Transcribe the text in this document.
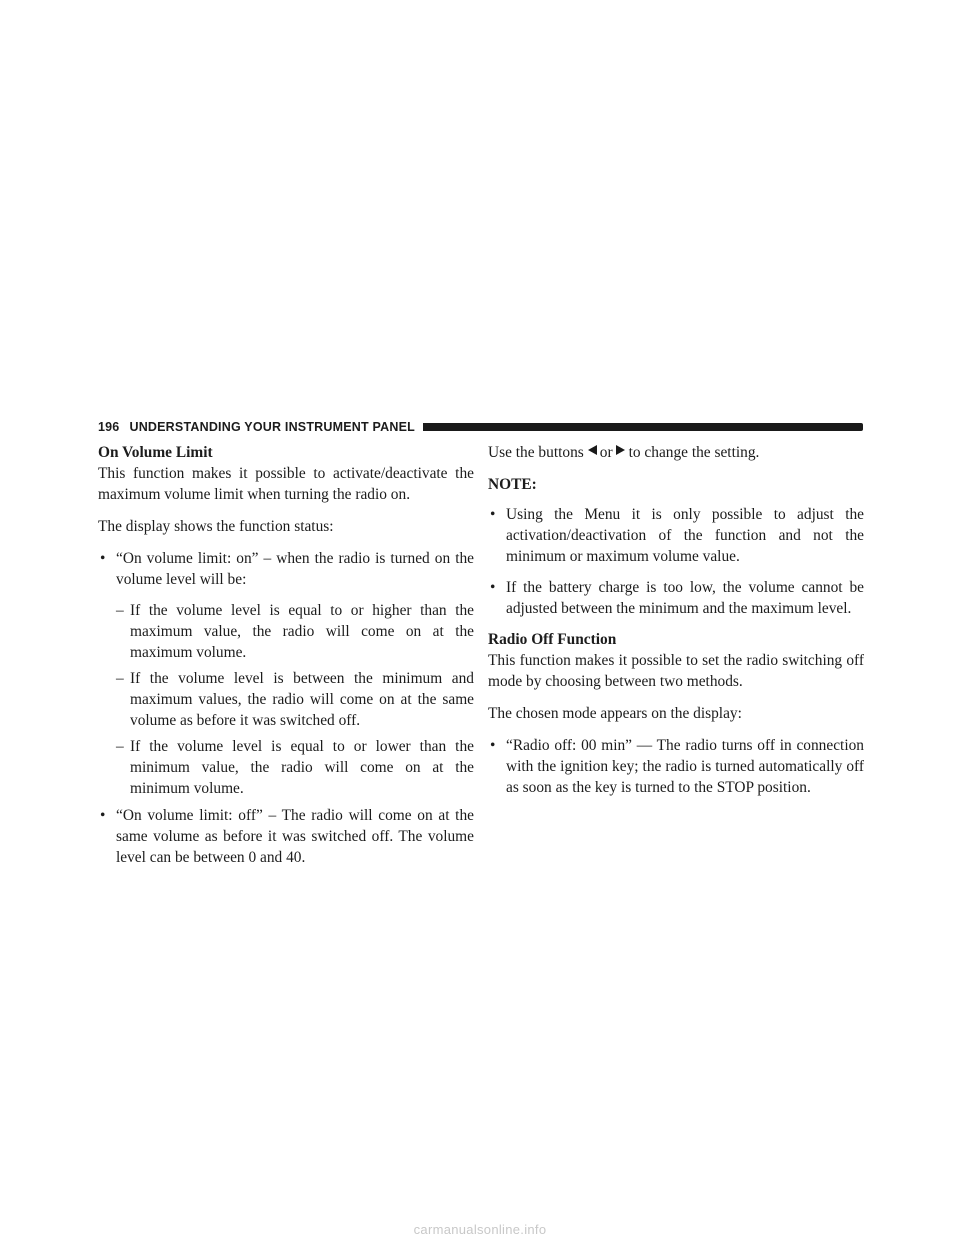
196 UNDERSTANDING YOUR INSTRUMENT PANEL

On Volume Limit

This function makes it possible to activate/deactivate the maximum volume limit when turning the radio on.

The display shows the function status:

• “On volume limit: on” – when the radio is turned on the volume level will be:

– If the volume level is equal to or higher than the maximum value, the radio will come on at the maximum volume.

– If the volume level is between the minimum and maximum values, the radio will come on at the same volume as before it was switched off.

– If the volume level is equal to or lower than the minimum value, the radio will come on at the minimum volume.

• “On volume limit: off” – The radio will come on at the same volume as before it was switched off. The volume level can be between 0 and 40.

Use the buttons or to change the setting.

NOTE:

• Using the Menu it is only possible to adjust the activation/deactivation of the function and not the minimum or maximum volume value.

• If the battery charge is too low, the volume cannot be adjusted between the minimum and the maximum level.

Radio Off Function

This function makes it possible to set the radio switching off mode by choosing between two methods.

The chosen mode appears on the display:

• “Radio off: 00 min” — The radio turns off in connection with the ignition key; the radio is turned automatically off as soon as the key is turned to the STOP position.

carmanualsonline.info
